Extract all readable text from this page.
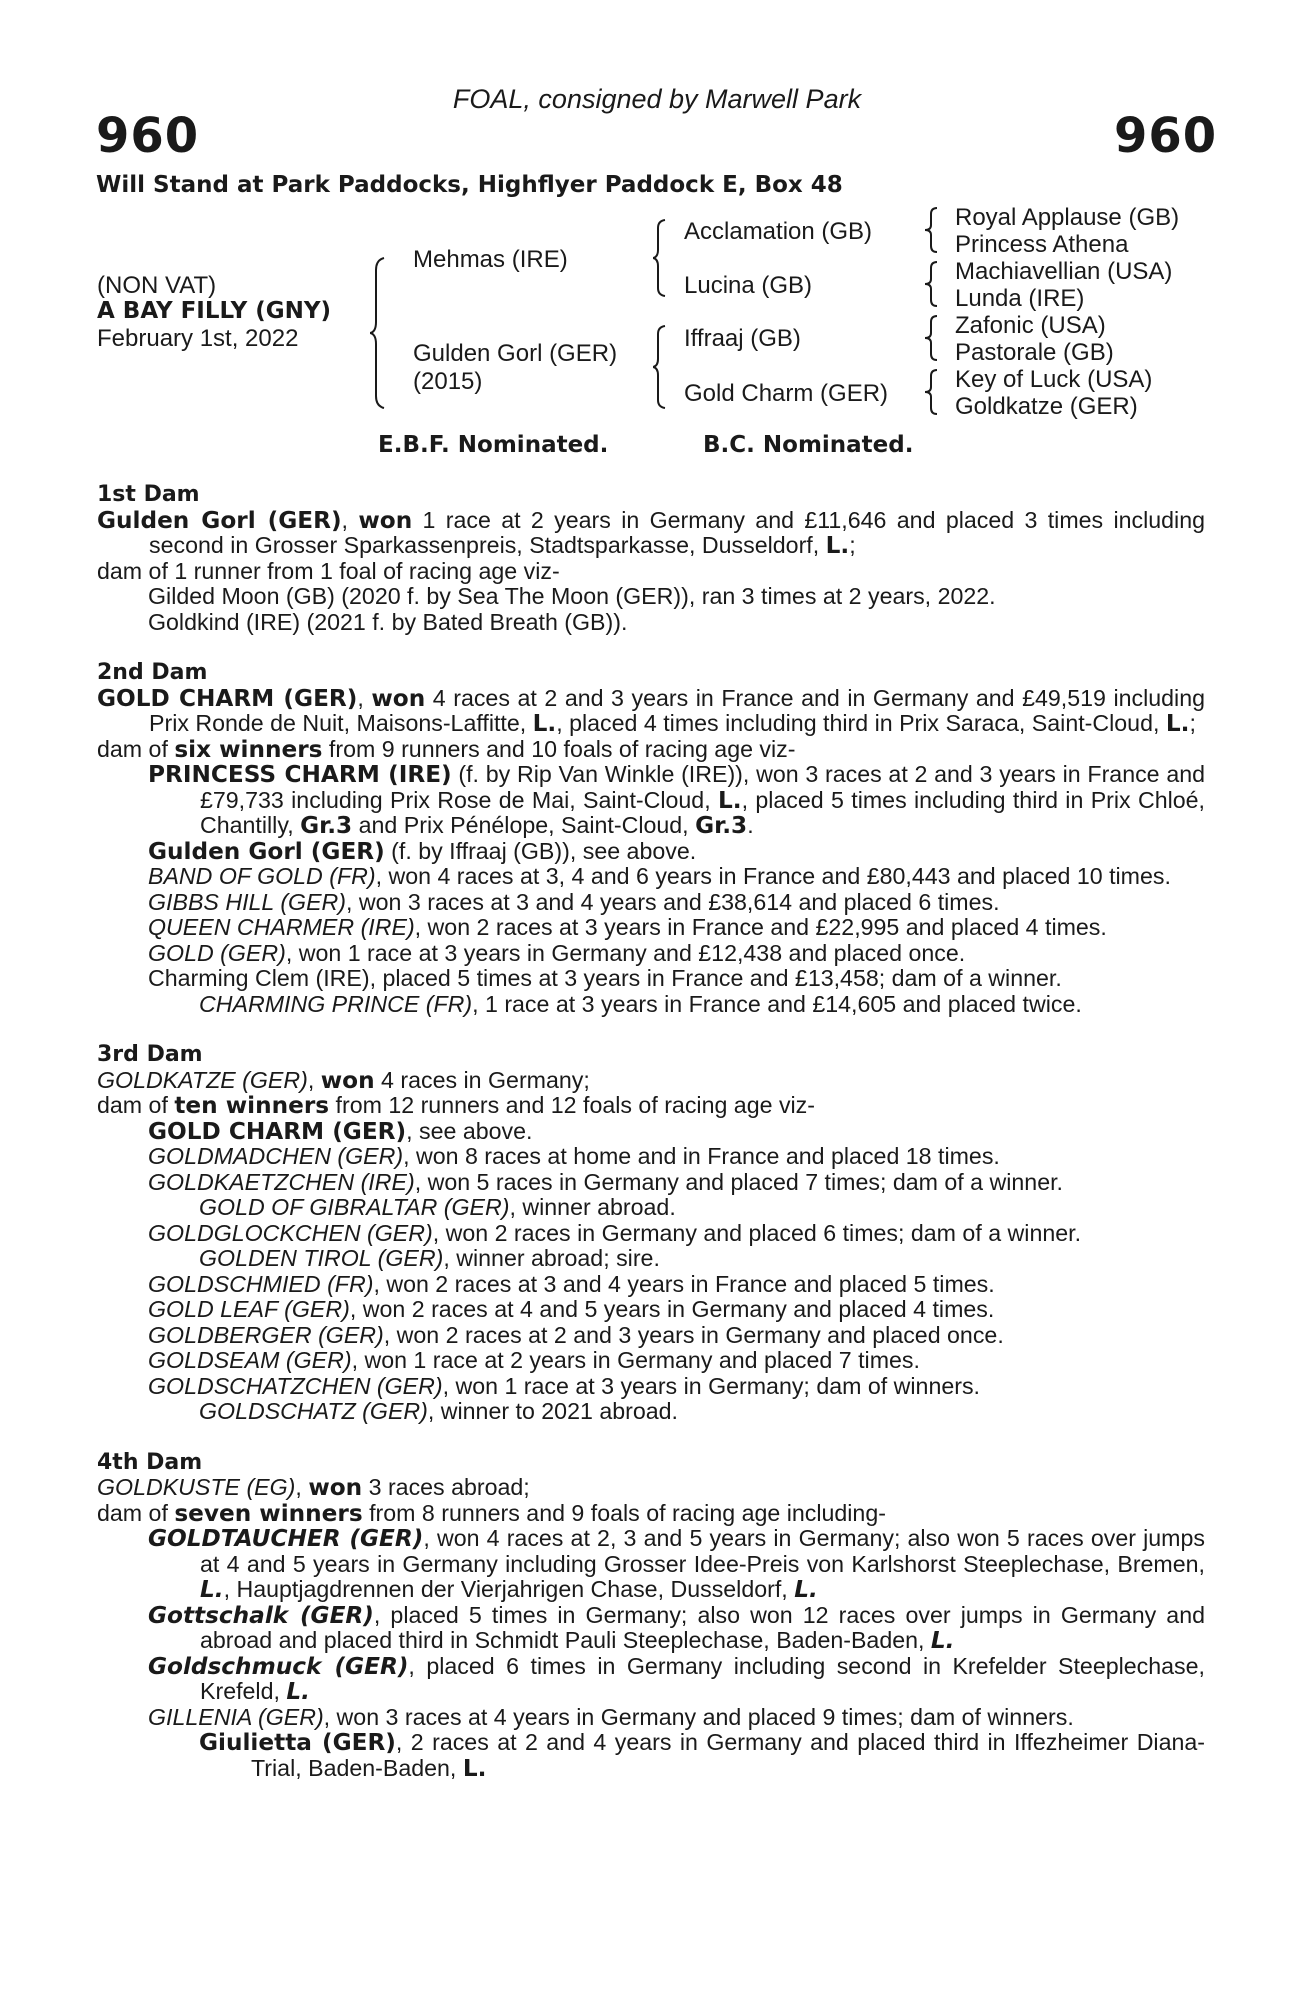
FOAL, consigned by Marwell Park
960	960
Will Stand at Park Paddocks, Highflyer Paddock E, Box 48
(NON VAT)
A BAY FILLY (GNY)
February 1st, 2022
Mehmas (IRE)
Gulden Gorl (GER)
(2015)
Acclamation (GB)
Lucina (GB)
Iffraaj (GB)
Gold Charm (GER)
Royal Applause (GB)
Princess Athena
Machiavellian (USA)
Lunda (IRE)
Zafonic (USA)
Pastorale (GB)
Key of Luck (USA)
Goldkatze (GER)
E.B.F. Nominated.	B.C. Nominated.
1st Dam
Gulden Gorl (GER), won 1 race at 2 years in Germany and £11,646 and placed 3 times including second in Grosser Sparkassenpreis, Stadtsparkasse, Dusseldorf, L.;
dam of 1 runner from 1 foal of racing age viz-
Gilded Moon (GB) (2020 f. by Sea The Moon (GER)), ran 3 times at 2 years, 2022.
Goldkind (IRE) (2021 f. by Bated Breath (GB)).
2nd Dam
GOLD CHARM (GER), won 4 races at 2 and 3 years in France and in Germany and £49,519 including Prix Ronde de Nuit, Maisons-Laffitte, L., placed 4 times including third in Prix Saraca, Saint-Cloud, L.;
dam of six winners from 9 runners and 10 foals of racing age viz-
PRINCESS CHARM (IRE) (f. by Rip Van Winkle (IRE)), won 3 races at 2 and 3 years in France and £79,733 including Prix Rose de Mai, Saint-Cloud, L., placed 5 times including third in Prix Chloé, Chantilly, Gr.3 and Prix Pénélope, Saint-Cloud, Gr.3.
Gulden Gorl (GER) (f. by Iffraaj (GB)), see above.
BAND OF GOLD (FR), won 4 races at 3, 4 and 6 years in France and £80,443 and placed 10 times.
GIBBS HILL (GER), won 3 races at 3 and 4 years and £38,614 and placed 6 times.
QUEEN CHARMER (IRE), won 2 races at 3 years in France and £22,995 and placed 4 times.
GOLD (GER), won 1 race at 3 years in Germany and £12,438 and placed once.
Charming Clem (IRE), placed 5 times at 3 years in France and £13,458; dam of a winner.
CHARMING PRINCE (FR), 1 race at 3 years in France and £14,605 and placed twice.
3rd Dam
GOLDKATZE (GER), won 4 races in Germany;
dam of ten winners from 12 runners and 12 foals of racing age viz-
GOLD CHARM (GER), see above.
GOLDMADCHEN (GER), won 8 races at home and in France and placed 18 times.
GOLDKAETZCHEN (IRE), won 5 races in Germany and placed 7 times; dam of a winner.
GOLD OF GIBRALTAR (GER), winner abroad.
GOLDGLOCKCHEN (GER), won 2 races in Germany and placed 6 times; dam of a winner.
GOLDEN TIROL (GER), winner abroad; sire.
GOLDSCHMIED (FR), won 2 races at 3 and 4 years in France and placed 5 times.
GOLD LEAF (GER), won 2 races at 4 and 5 years in Germany and placed 4 times.
GOLDBERGER (GER), won 2 races at 2 and 3 years in Germany and placed once.
GOLDSEAM (GER), won 1 race at 2 years in Germany and placed 7 times.
GOLDSCHATZCHEN (GER), won 1 race at 3 years in Germany; dam of winners.
GOLDSCHATZ (GER), winner to 2021 abroad.
4th Dam
GOLDKUSTE (EG), won 3 races abroad;
dam of seven winners from 8 runners and 9 foals of racing age including-
GOLDTAUCHER (GER), won 4 races at 2, 3 and 5 years in Germany; also won 5 races over jumps at 4 and 5 years in Germany including Grosser Idee-Preis von Karlshorst Steeplechase, Bremen, L., Hauptjagdrennen der Vierjahrigen Chase, Dusseldorf, L.
Gottschalk (GER), placed 5 times in Germany; also won 12 races over jumps in Germany and abroad and placed third in Schmidt Pauli Steeplechase, Baden-Baden, L.
Goldschmuck (GER), placed 6 times in Germany including second in Krefelder Steeplechase, Krefeld, L.
GILLENIA (GER), won 3 races at 4 years in Germany and placed 9 times; dam of winners.
Giulietta (GER), 2 races at 2 and 4 years in Germany and placed third in Iffezheimer Diana-Trial, Baden-Baden, L.
